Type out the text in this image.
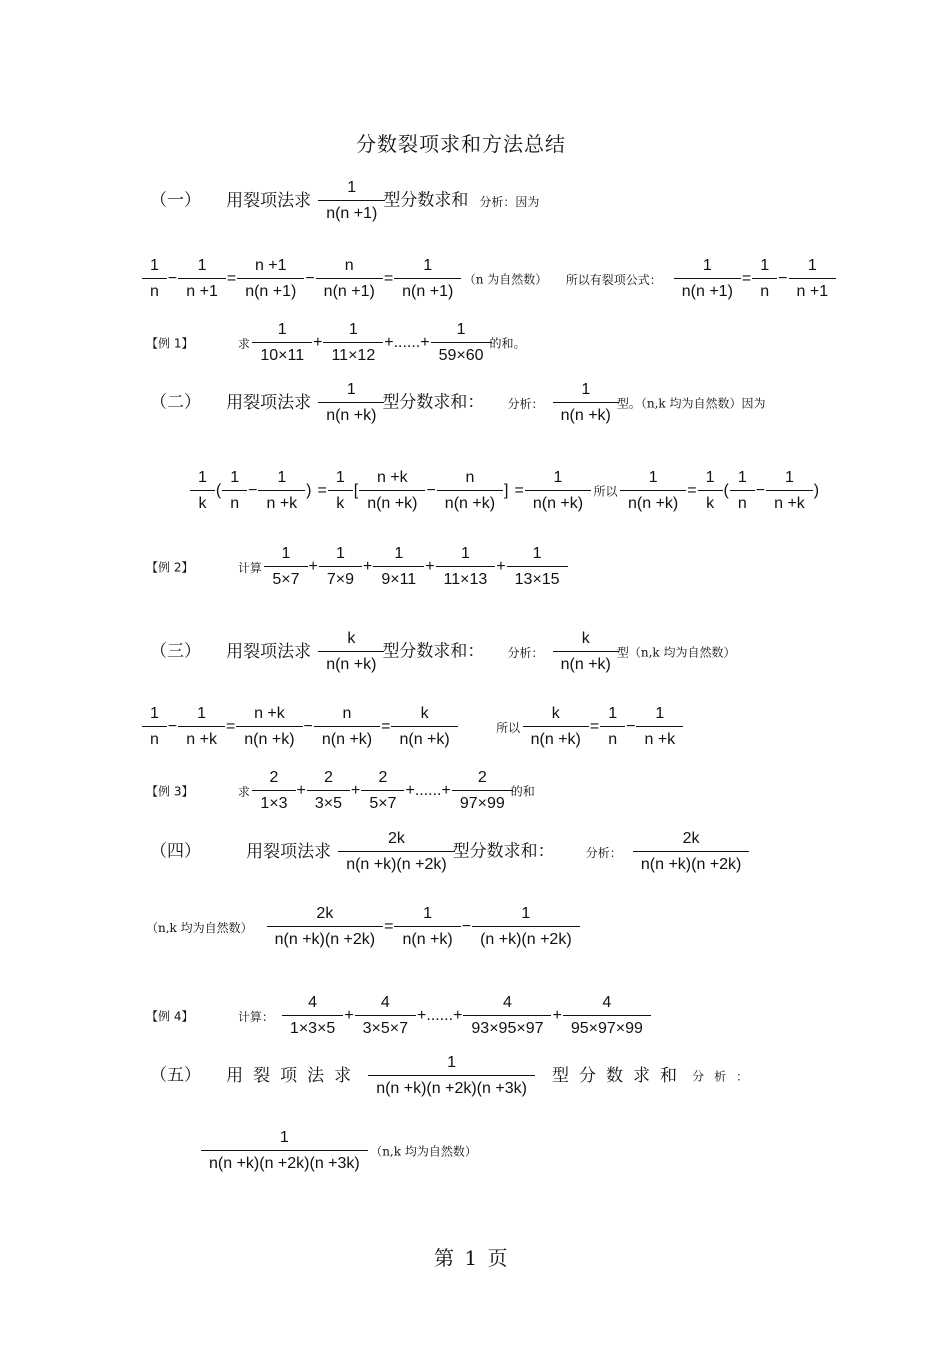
分数裂项求和方法总结
（一） 用裂项法求 $\frac{1}{n(n +1)}$ 型分数求和 分析：因为
$\frac{1}{n} - \frac{1}{n +1} = \frac{n +1}{n(n +1)} - \frac{n}{n(n +1)} = \frac{1}{n(n +1)} (n$ 为自然数） 所以有裂项公式： $\frac{1}{n(n +1)} = \frac{1}{n} - \frac{1}{n +1}$
【例 1】	求 $\frac{1}{10\times 11} + \frac{1}{11\times 12}$ +......+ $\frac{1}{59\times 60}$ 的和。
（二） 用裂项法求 $\frac{1}{n(n +k)}$ 型分数求和： 分析： $\frac{1}{n(n +k)}$ 型。（n,k 均为自然数）因为
$\frac{1}{k}$ ( $\frac{1}{n} - \frac{1}{n +k}$ ) = $\frac{1}{k}$ [ $\frac{n +k}{n(n +k)} - \frac{n}{n(n +k)}$ ] = $\frac{1}{n(n +k)}$ 所以 $\frac{1}{n(n +k)} = \frac{1}{k}$ ( $\frac{1}{n} - \frac{1}{n +k}$ )
【例 2】	计算 $\frac{1}{5\times 7} + \frac{1}{7\times 9} + \frac{1}{9\times 11} + \frac{1}{11\times 13} + \frac{1}{13\times 15}$
（三） 用裂项法求 $\frac{k}{n(n +k)}$ 型分数求和： 分析： $\frac{k}{n(n +k)}$ 型（n,k 均为自然数）
$\frac{1}{n} - \frac{1}{n +k} = \frac{n +k}{n(n +k)} - \frac{n}{n(n +k)} = \frac{k}{n(n +k)}$	所以 $\frac{k}{n(n +k)} = \frac{1}{n} - \frac{1}{n +k}$
【例 3】	求 $\frac{2}{1\times 3} + \frac{2}{3\times 5} + \frac{2}{5\times 7}$ +......+ $\frac{2}{97\times 99}$ 的和
（四）	用裂项法求 $\frac{2k}{n(n +k)(n +2k)}$ 型分数求和：	分析： $\frac{2k}{n(n +k)(n +2k)}$
（n,k 均为自然数） $\frac{2k}{n(n +k)(n +2k)} = \frac{1}{n(n +k)} - \frac{1}{(n +k)(n +2k)}$
【例 4】	计算： $\frac{4}{1\times 3\times 5} + \frac{4}{3\times 5\times 7}$ +......+ $\frac{4}{93\times 95\times 97} + \frac{4}{95\times 97\times 99}$
（五） 用裂项法求 $\frac{1}{n(n +k)(n +2k)(n +3k)}$ 型分数求和 分析：
$\frac{1}{n(n +k)(n +2k)(n +3k)} (n,k$ 均为自然数）
第 1 页
